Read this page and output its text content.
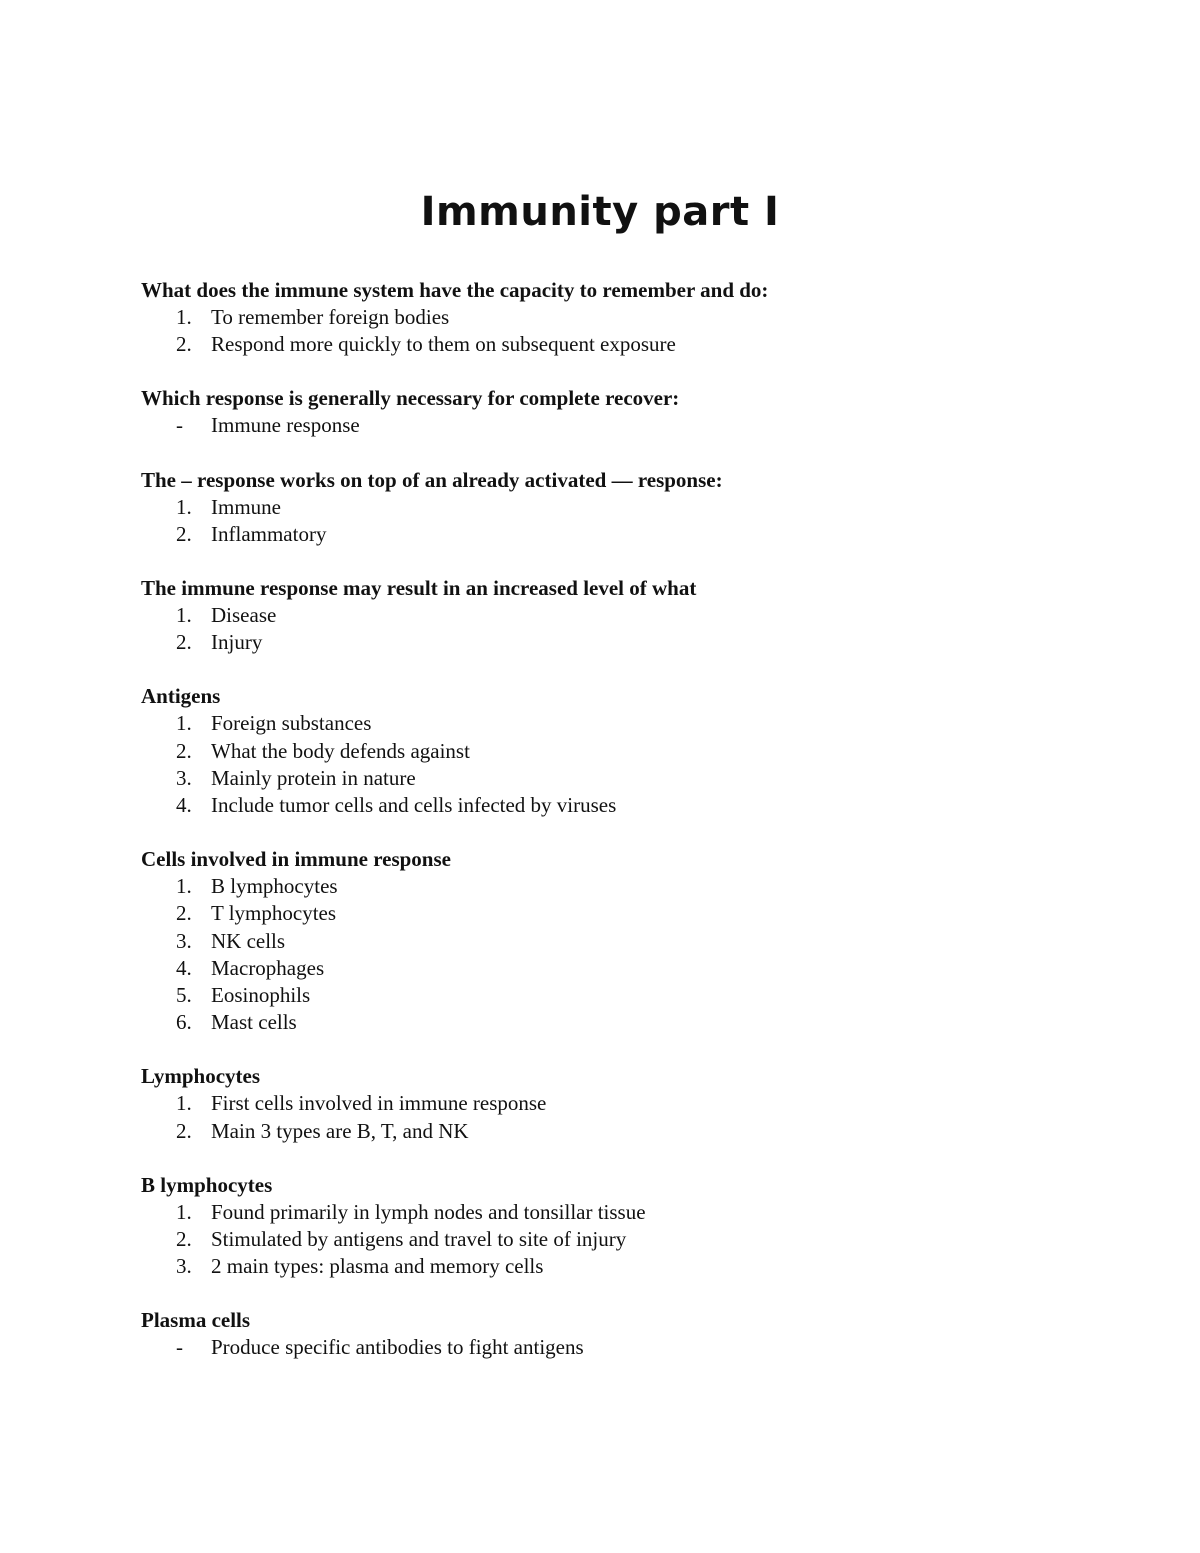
Immunity part I
What does the immune system have the capacity to remember and do:
1. To remember foreign bodies
2. Respond more quickly to them on subsequent exposure
Which response is generally necessary for complete recover:
-	Immune response
The – response works on top of an already activated –– response:
1. Immune
2. Inflammatory
The immune response may result in an increased level of what
1. Disease
2. Injury
Antigens
1. Foreign substances
2. What the body defends against
3. Mainly protein in nature
4. Include tumor cells and cells infected by viruses
Cells involved in immune response
1. B lymphocytes
2. T lymphocytes
3. NK cells
4. Macrophages
5. Eosinophils
6. Mast cells
Lymphocytes
1. First cells involved in immune response
2. Main 3 types are B, T, and NK
B lymphocytes
1. Found primarily in lymph nodes and tonsillar tissue
2. Stimulated by antigens and travel to site of injury
3. 2 main types: plasma and memory cells
Plasma cells
-	Produce specific antibodies to fight antigens
